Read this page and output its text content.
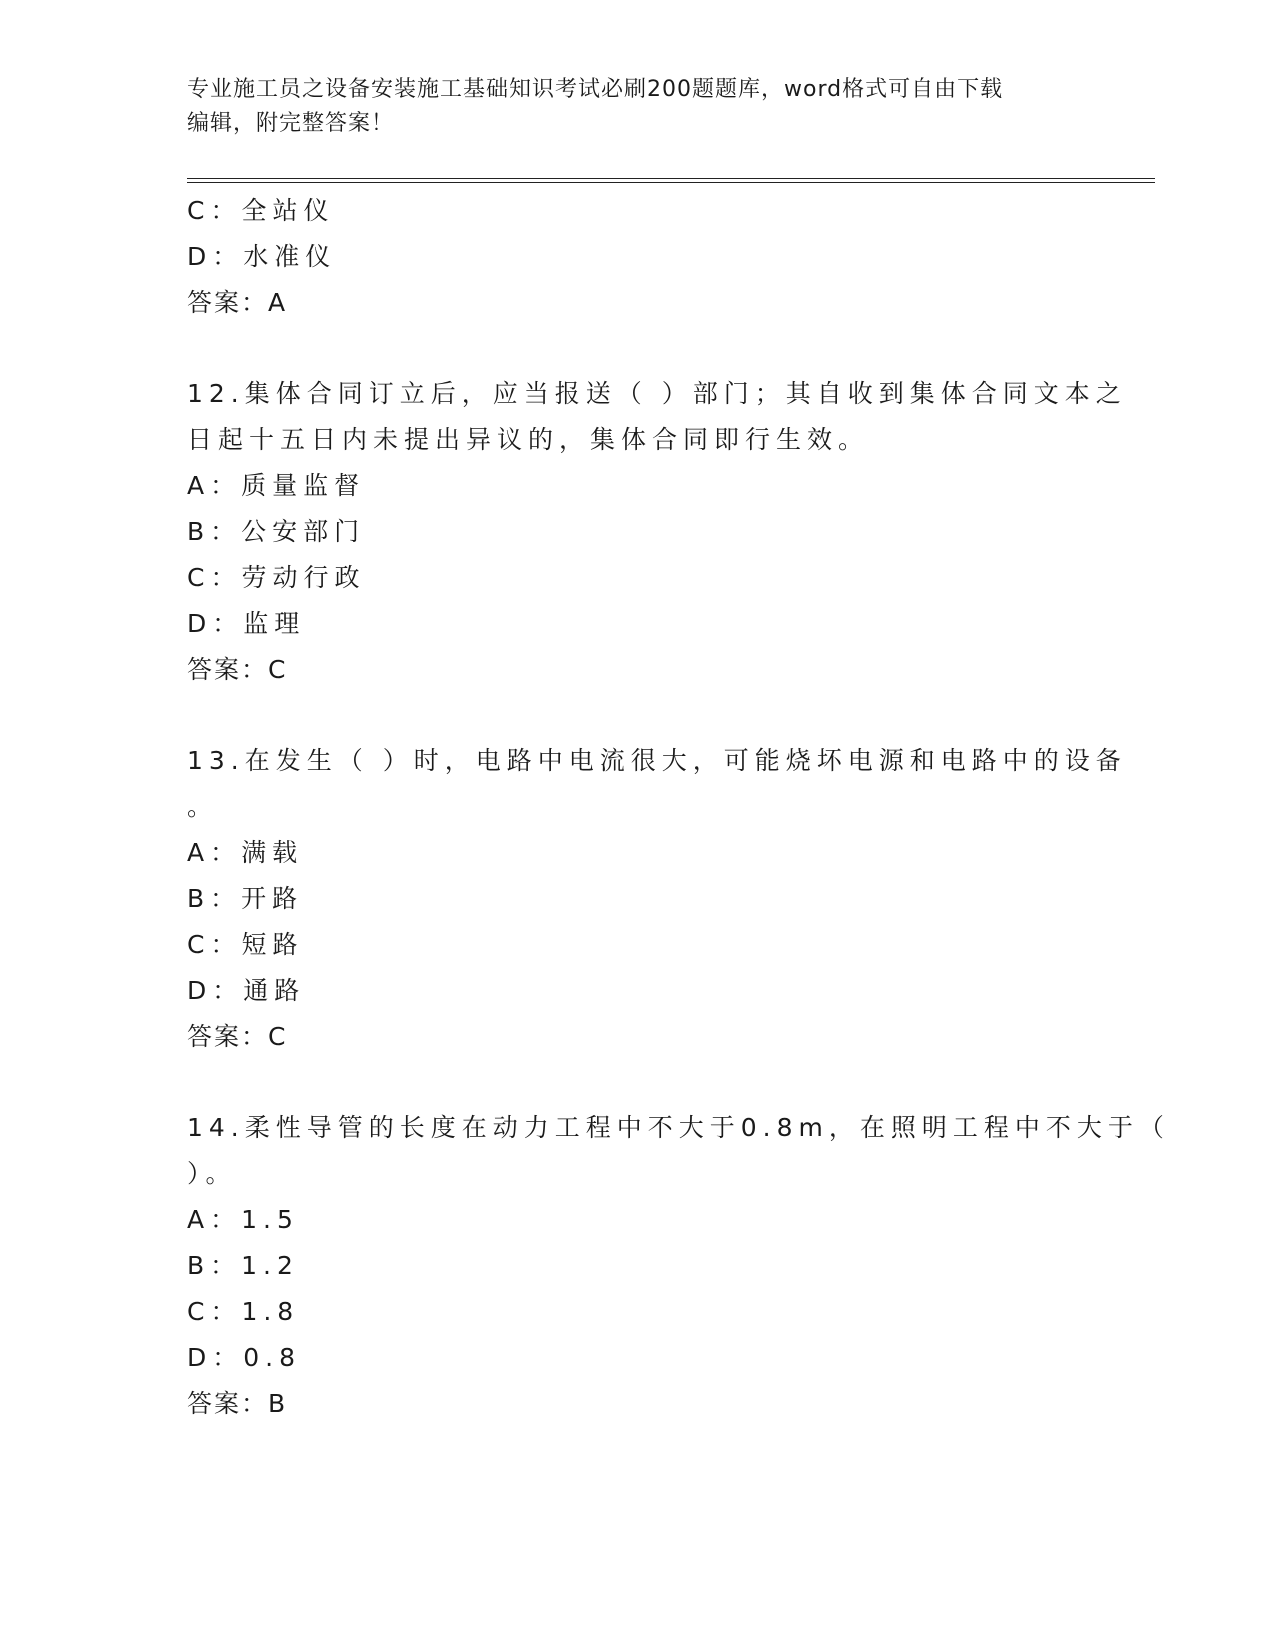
专业施工员之设备安装施工基础知识考试必刷200题题库，word格式可自由下载
编辑，附完整答案！
C：全站仪
D：水准仪
答案：A
12.集体合同订立后，应当报送（ ）部门；其自收到集体合同文本之
日起十五日内未提出异议的，集体合同即行生效。
A：质量监督
B：公安部门
C：劳动行政
D：监理
答案：C
13.在发生（ ）时，电路中电流很大，可能烧坏电源和电路中的设备
。
A：满载
B：开路
C：短路
D：通路
答案：C
14.柔性导管的长度在动力工程中不大于0.8m，在照明工程中不大于（
）。
A：1.5
B：1.2
C：1.8
D：0.8
答案：B
